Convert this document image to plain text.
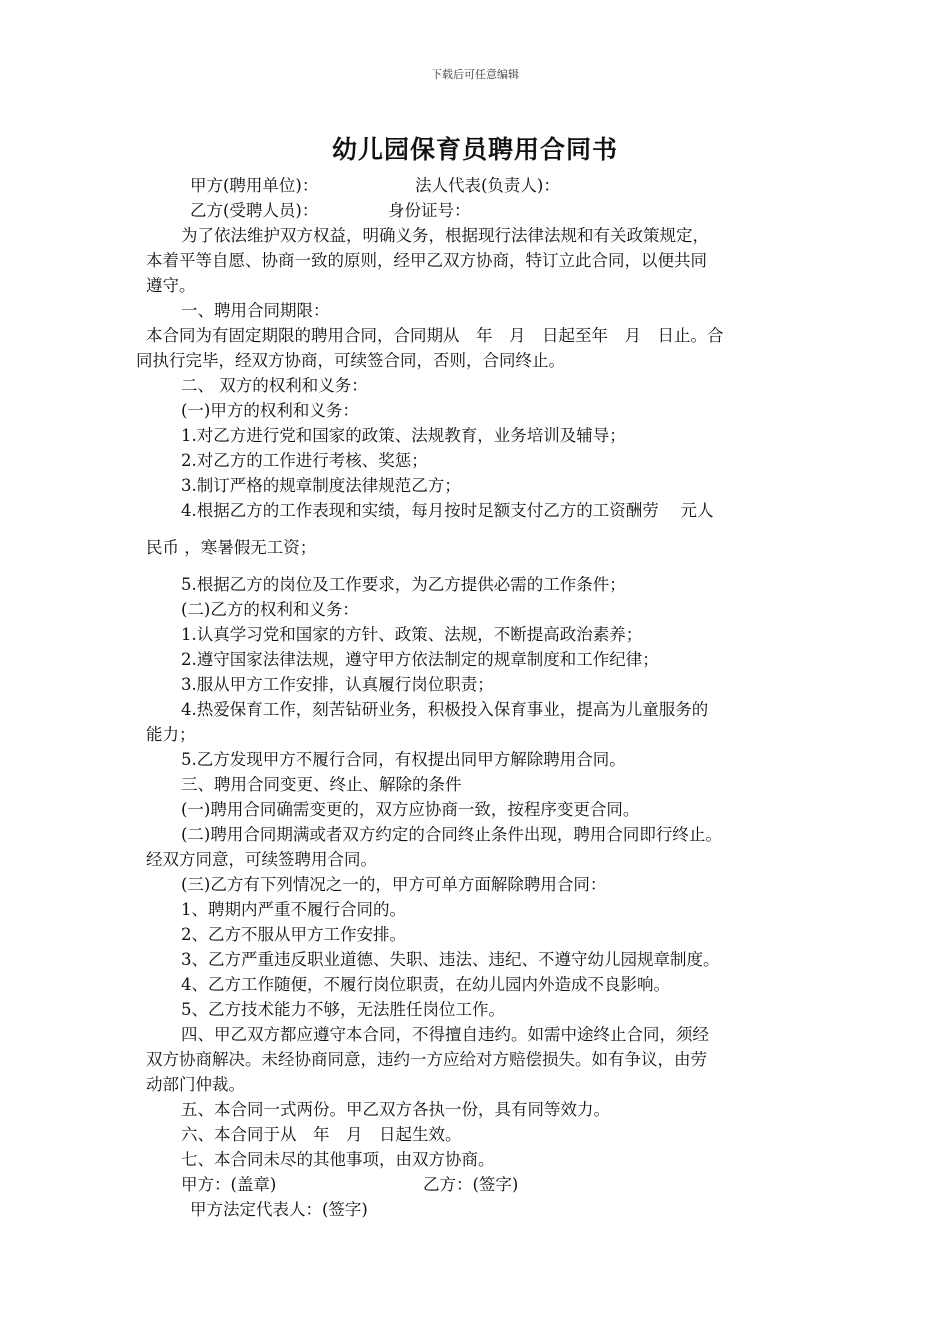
下载后可任意编辑
幼儿园保育员聘用合同书
甲方(聘用单位)：	法人代表(负责人)：
乙方(受聘人员)：	身份证号：
为了依法维护双方权益，明确义务，根据现行法律法规和有关政策规定，
本着平等自愿、协商一致的原则，经甲乙双方协商，特订立此合同，以便共同
遵守。
一、聘用合同期限：
本合同为有固定期限的聘用合同，合同期从　年　月　日起至年　月　日止。合
同执行完毕，经双方协商，可续签合同，否则，合同终止。
二、 双方的权利和义务：
(一)甲方的权利和义务：
1.对乙方进行党和国家的政策、法规教育，业务培训及辅导；
2.对乙方的工作进行考核、奖惩；
3.制订严格的规章制度法律规范乙方；
4.根据乙方的工作表现和实绩，每月按时足额支付乙方的工资酬劳　 元人
民币 ，寒暑假无工资；
5.根据乙方的岗位及工作要求，为乙方提供必需的工作条件；
(二)乙方的权利和义务：
1.认真学习党和国家的方针、政策、法规，不断提高政治素养；
2.遵守国家法律法规，遵守甲方依法制定的规章制度和工作纪律；
3.服从甲方工作安排，认真履行岗位职责；
4.热爱保育工作，刻苦钻研业务，积极投入保育事业，提高为儿童服务的
能力；
5.乙方发现甲方不履行合同，有权提出同甲方解除聘用合同。
三、聘用合同变更、终止、解除的条件
(一)聘用合同确需变更的，双方应协商一致，按程序变更合同。
(二)聘用合同期满或者双方约定的合同终止条件出现，聘用合同即行终止。
经双方同意，可续签聘用合同。
(三)乙方有下列情况之一的，甲方可单方面解除聘用合同：
1、聘期内严重不履行合同的。
2、乙方不服从甲方工作安排。
3、乙方严重违反职业道德、失职、违法、违纪、不遵守幼儿园规章制度。
4、乙方工作随便，不履行岗位职责，在幼儿园内外造成不良影响。
5、乙方技术能力不够，无法胜任岗位工作。
四、甲乙双方都应遵守本合同，不得擅自违约。如需中途终止合同，须经
双方协商解决。未经协商同意，违约一方应给对方赔偿损失。如有争议，由劳
动部门仲裁。
五、本合同一式两份。甲乙双方各执一份，具有同等效力。
六、本合同于从　年　月　日起生效。
七、本合同未尽的其他事项，由双方协商。
甲方：(盖章)	乙方：(签字)
甲方法定代表人：(签字)
